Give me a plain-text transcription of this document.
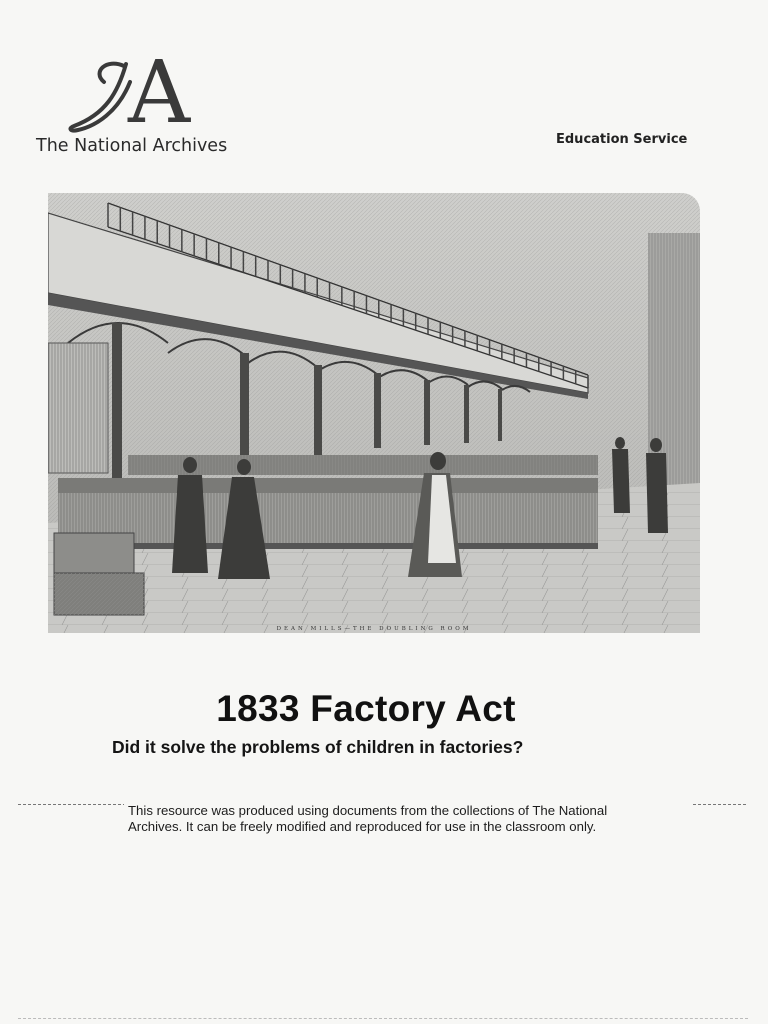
A
The National Archives	Education Service
DEAN MILLS—THE DOUBLING ROOM
1833 Factory Act
Did it solve the problems of children in factories?
This resource was produced using documents from the collections of The National
Archives. It can be freely modified and reproduced for use in the classroom only.
